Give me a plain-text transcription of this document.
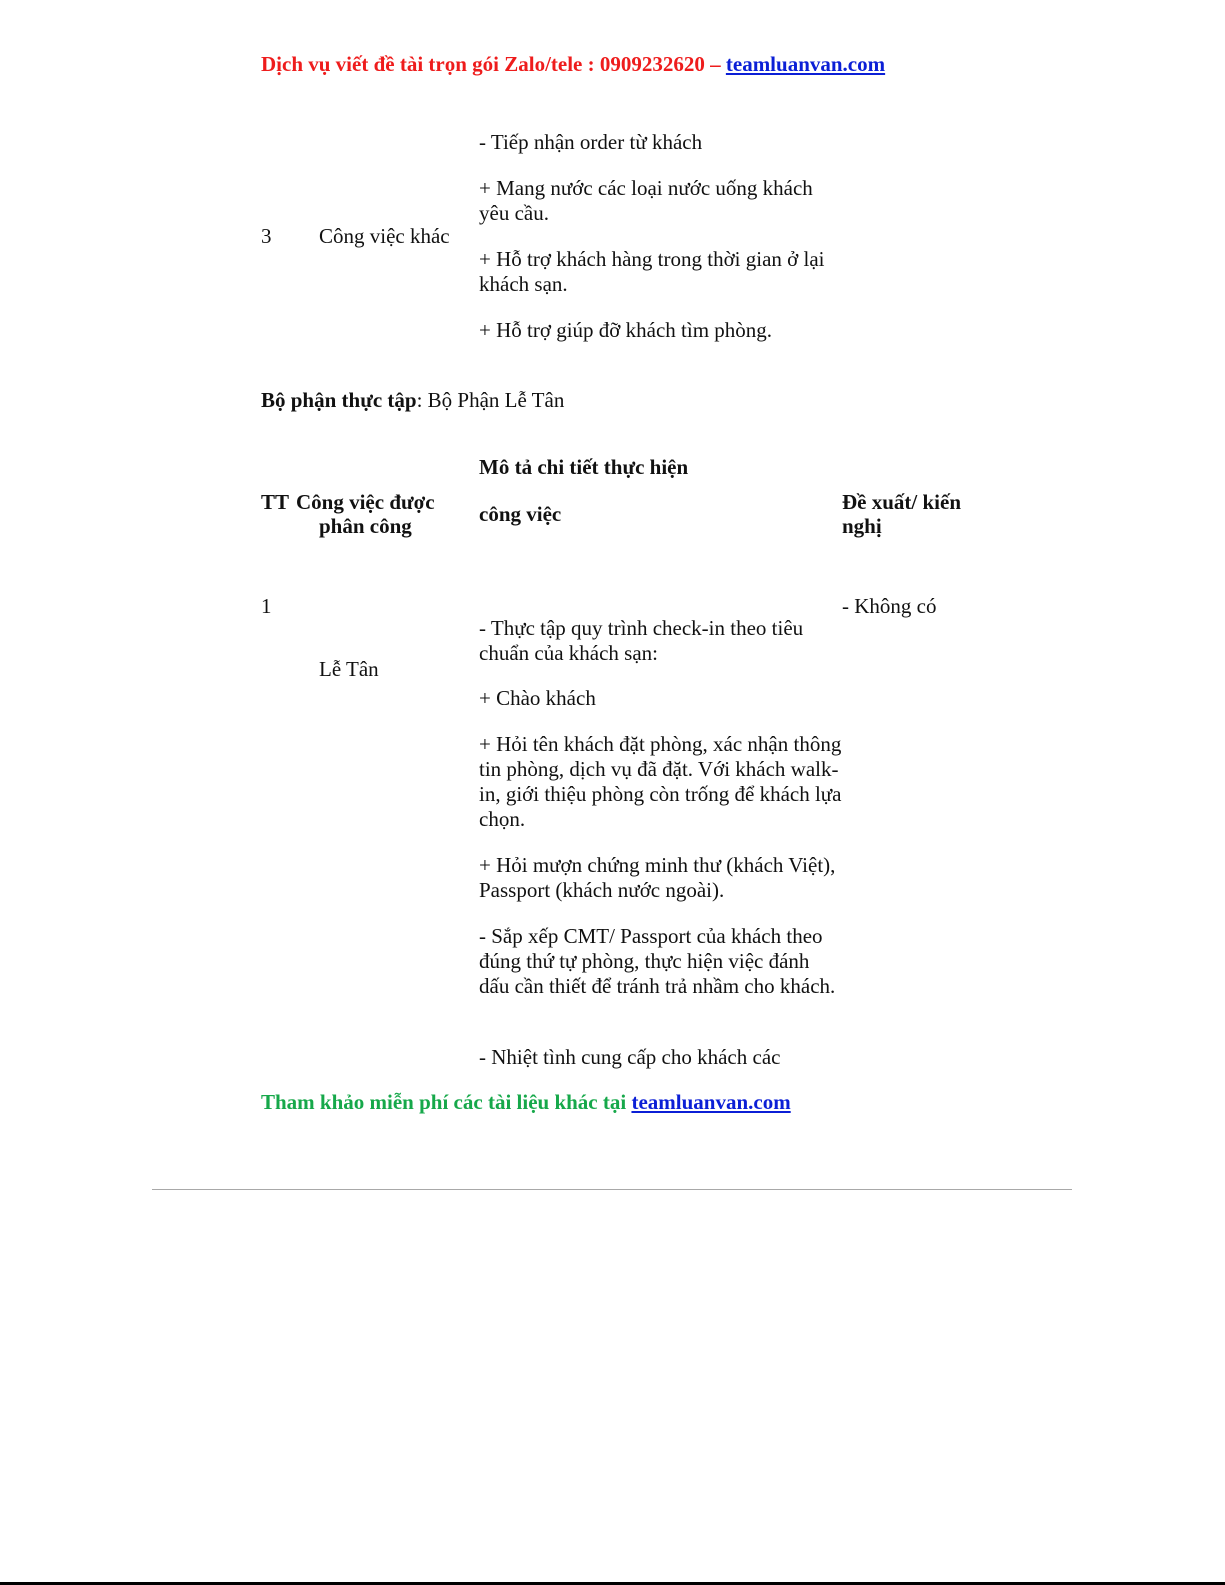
Dịch vụ viết đề tài trọn gói Zalo/tele : 0909232620 – teamluanvan.com
3 Công việc khác

- Tiếp nhận order từ khách

+ Mang nước các loại nước uống khách yêu cầu.

+ Hỗ trợ khách hàng trong thời gian ở lại khách sạn.

+ Hỗ trợ giúp đỡ khách tìm phòng.

Bộ phận thực tập: Bộ Phận Lễ Tân
TT Công việc được
phân công
Mô tả chi tiết thực hiện
công việc	Đề xuất/ kiến
nghị
1
Lễ Tân
- Không có

- Thực tập quy trình check-in theo tiêu chuẩn của khách sạn:

+ Chào khách

+ Hỏi tên khách đặt phòng, xác nhận thông tin phòng, dịch vụ đã đặt. Với khách walk-in, giới thiệu phòng còn trống để khách lựa chọn.

+ Hỏi mượn chứng minh thư (khách Việt), Passport (khách nước ngoài).

- Sắp xếp CMT/ Passport của khách theo đúng thứ tự phòng, thực hiện việc đánh dấu cần thiết để tránh trả nhầm cho khách.

- Nhiệt tình cung cấp cho khách các

Tham khảo miễn phí các tài liệu khác tại teamluanvan.com
